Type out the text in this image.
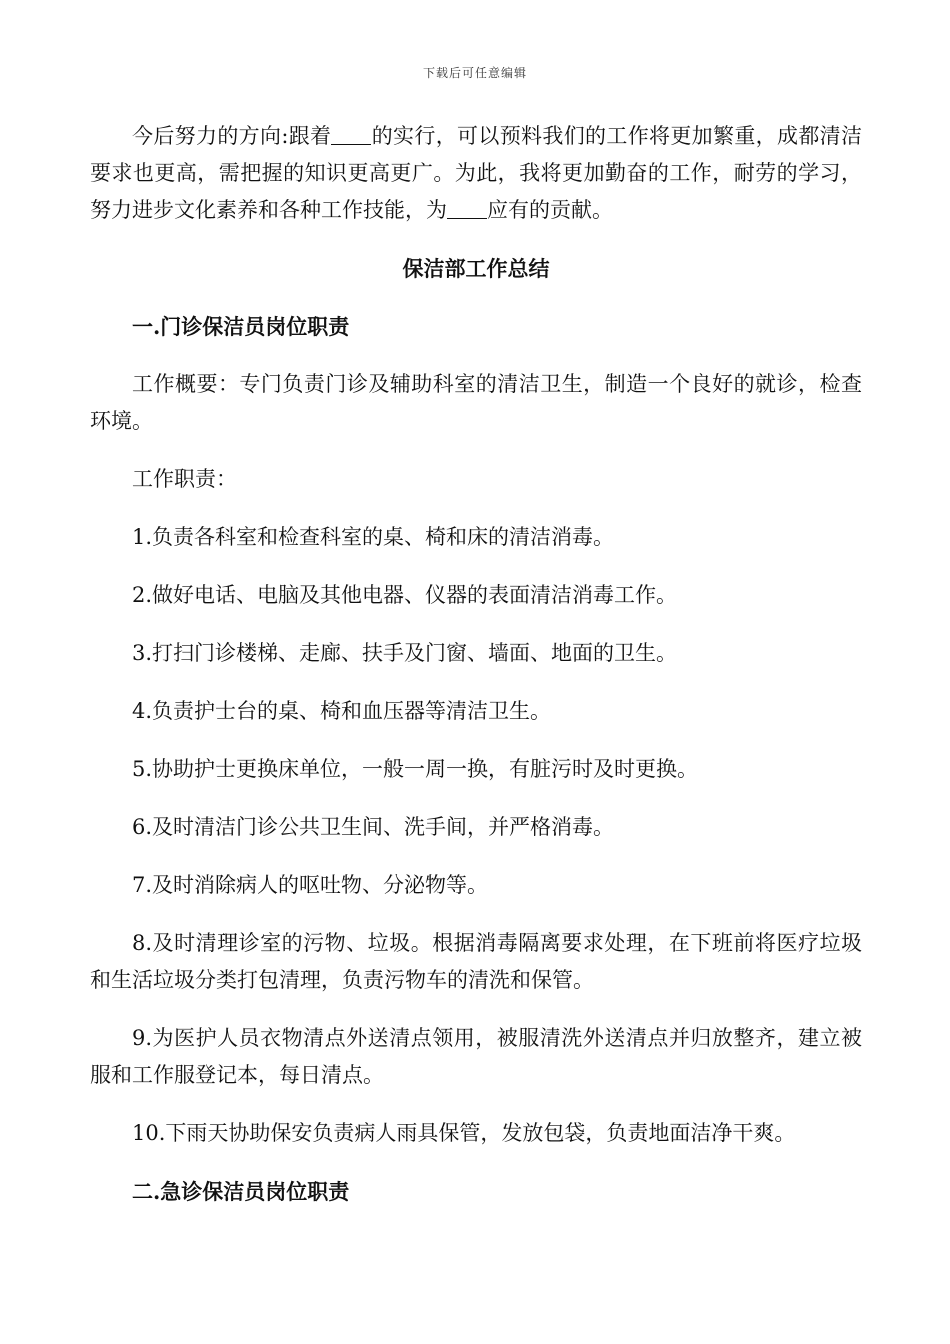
下载后可任意编辑

今后努力的方向:跟着 的实行，可以预料我们的工作将更加繁重，成都清洁要求也更高，需把握的知识更高更广。为此，我将更加勤奋的工作，耐劳的学习，努力进步文化素养和各种工作技能，为 应有的贡献。

保洁部工作总结

一.门诊保洁员岗位职责

工作概要：专门负责门诊及辅助科室的清洁卫生，制造一个良好的就诊，检查环境。

工作职责：

1.负责各科室和检查科室的桌、椅和床的清洁消毒。

2.做好电话、电脑及其他电器、仪器的表面清洁消毒工作。

3.打扫门诊楼梯、走廊、扶手及门窗、墙面、地面的卫生。

4.负责护士台的桌、椅和血压器等清洁卫生。

5.协助护士更换床单位，一般一周一换，有脏污时及时更换。

6.及时清洁门诊公共卫生间、洗手间，并严格消毒。

7.及时消除病人的呕吐物、分泌物等。

8.及时清理诊室的污物、垃圾。根据消毒隔离要求处理，在下班前将医疗垃圾和生活垃圾分类打包清理，负责污物车的清洗和保管。

9.为医护人员衣物清点外送清点领用，被服清洗外送清点并归放整齐，建立被服和工作服登记本，每日清点。

10.下雨天协助保安负责病人雨具保管，发放包袋，负责地面洁净干爽。

二.急诊保洁员岗位职责
